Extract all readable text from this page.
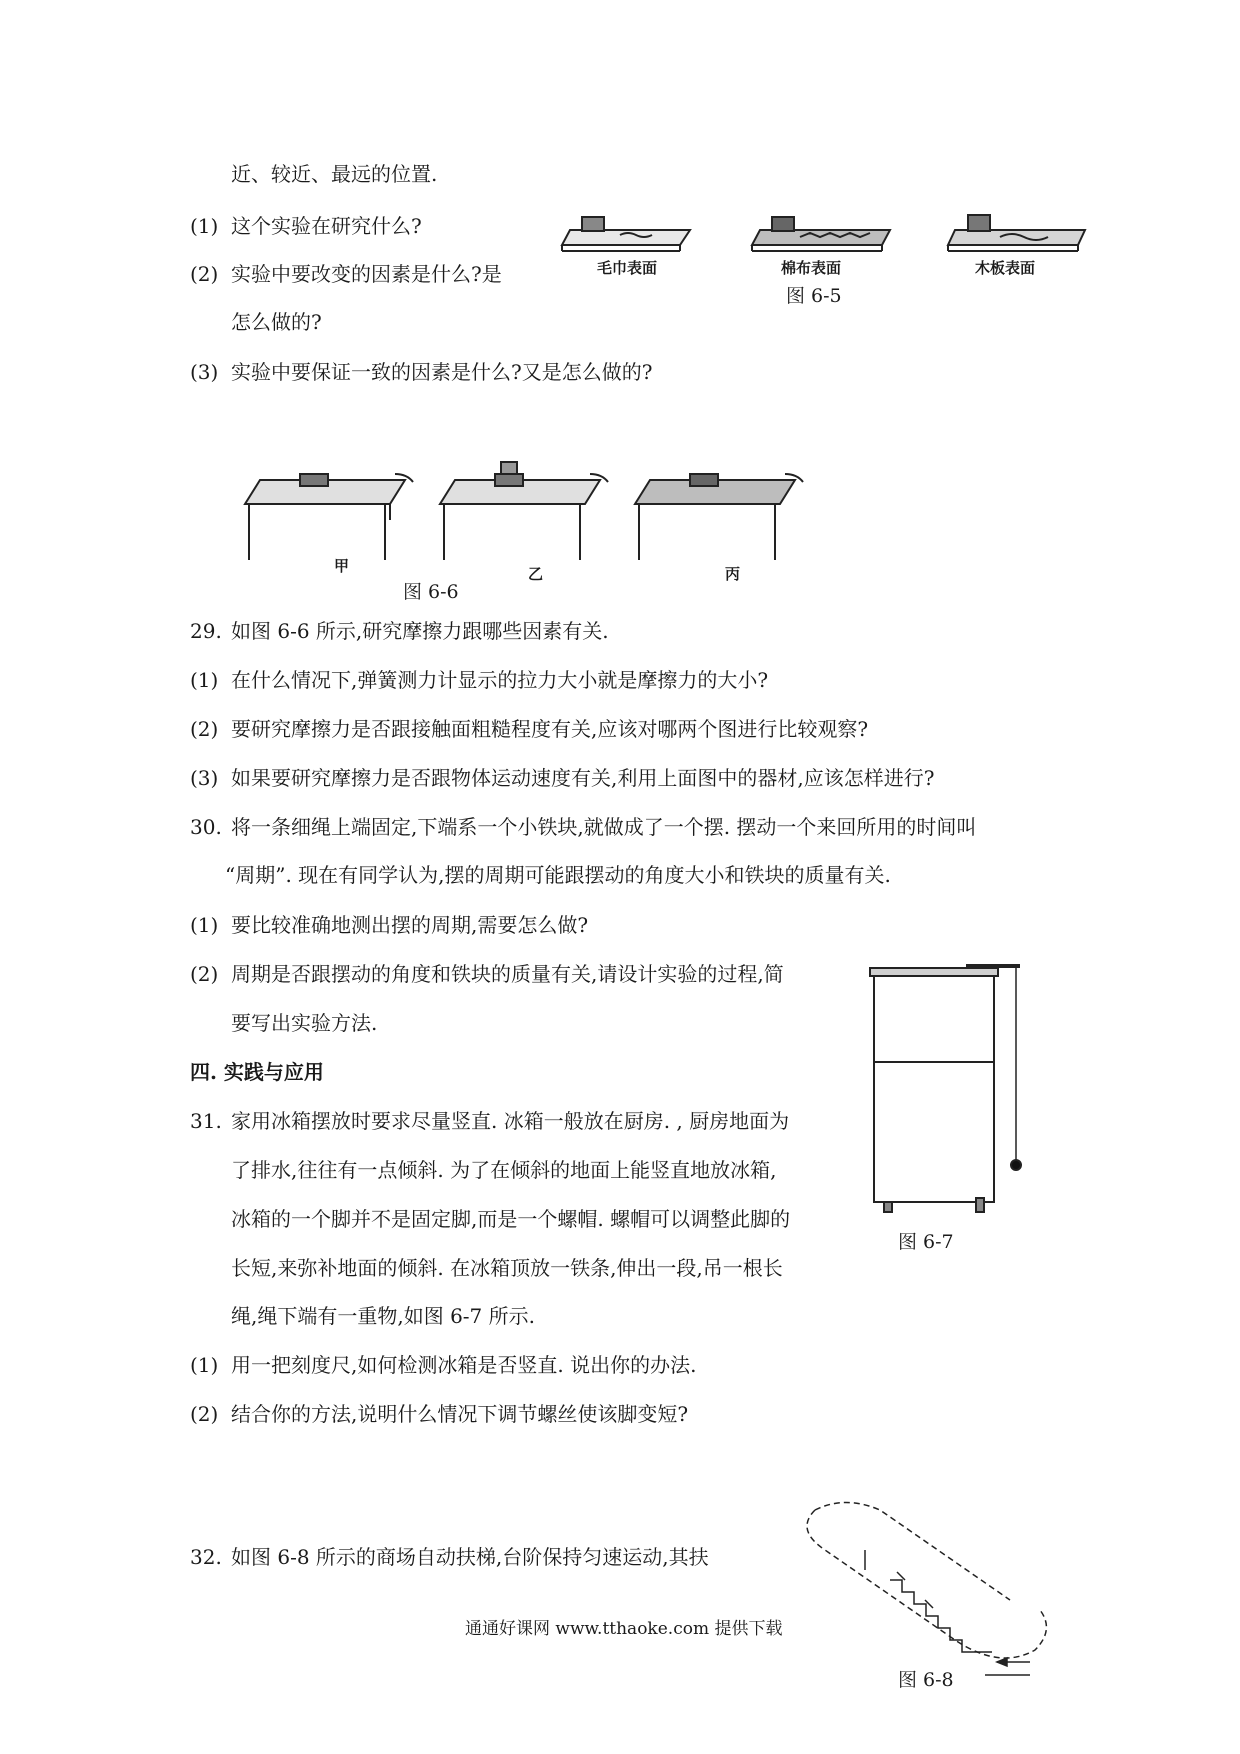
近、较近、最远的位置.
(1) 这个实验在研究什么?
(2) 实验中要改变的因素是什么?是
怎么做的?
(3) 实验中要保证一致的因素是什么?又是怎么做的?
毛巾表面	棉布表面	木板表面
图 6-5
甲	乙	丙
图 6-6
29. 如图 6-6 所示,研究摩擦力跟哪些因素有关.
(1) 在什么情况下,弹簧测力计显示的拉力大小就是摩擦力的大小?
(2) 要研究摩擦力是否跟接触面粗糙程度有关,应该对哪两个图进行比较观察?
(3) 如果要研究摩擦力是否跟物体运动速度有关,利用上面图中的器材,应该怎样进行?
30. 将一条细绳上端固定,下端系一个小铁块,就做成了一个摆. 摆动一个来回所用的时间叫
“周期”. 现在有同学认为,摆的周期可能跟摆动的角度大小和铁块的质量有关.
(1) 要比较准确地测出摆的周期,需要怎么做?
(2) 周期是否跟摆动的角度和铁块的质量有关,请设计实验的过程,简
要写出实验方法.
四. 实践与应用
31. 家用冰箱摆放时要求尽量竖直. 冰箱一般放在厨房. , 厨房地面为
了排水,往往有一点倾斜. 为了在倾斜的地面上能竖直地放冰箱,
冰箱的一个脚并不是固定脚,而是一个螺帽. 螺帽可以调整此脚的
长短,来弥补地面的倾斜. 在冰箱顶放一铁条,伸出一段,吊一根长
绳,绳下端有一重物,如图 6-7 所示.
图 6-7
(1) 用一把刻度尺,如何检测冰箱是否竖直. 说出你的办法.
(2) 结合你的方法,说明什么情况下调节螺丝使该脚变短?
32. 如图 6-8 所示的商场自动扶梯,台阶保持匀速运动,其扶
图 6-8
通通好课网 www.tthaoke.com 提供下载
